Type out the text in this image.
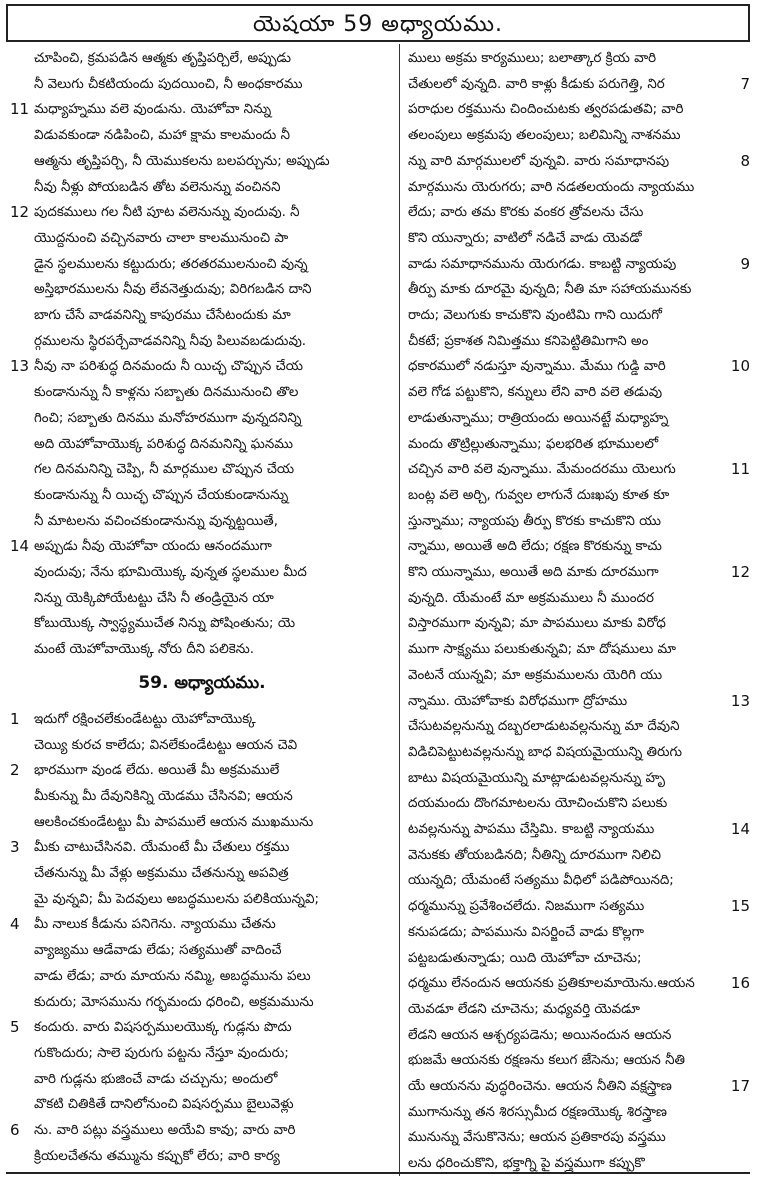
యెషయా 59 అధ్యాయము.
చూపించి, క్రమపడిన ఆత్మకు తృప్తిపర్చిలే, అప్పుడు
నీ వెలుగు చీకటియందు పుదయించి, నీ అంధకారము
11 మధ్యాహ్నము వలె వుండును. యెహోవా నిన్ను
విడువకుండా నడిపించి, మహా క్షామ కాలమందు నీ
ఆత్మను తృప్తిపర్చి, నీ యెముకలను బలపర్చును; అప్పుడు
నీవు నీళ్లు పోయబడిన తోట వలెనున్ను వంచినని
12 పుదకములు గల నీటి పూట వలెనున్ను వుందువు. నీ
యొద్దనుంచి వచ్చినవారు చాలా కాలమునుంచి పా
డైన స్థలములను కట్టుదురు; తరతరములనుంచి వున్న
అస్తిభారములను నీవు లేవనెత్తుదువు; విరిగబడిన దాని
బాగు చేసే వాడవనిన్ని కాపురము చేసేటందుకు మా
ర్గములను స్థిరపర్చేవాడవనిన్ని నీవు పిలువబడుదువు.
13 నీవు నా పరిశుద్ధ దినమందు నీ యిచ్ఛ చొప్పున చేయ
కుండానున్ను నీ కాళ్లను సబ్బాతు దినమునుంచి తొల
గించి; సబ్బాతు దినము మనోహరముగా వున్నదనిన్ని
అది యెహోవాయొక్క పరిశుద్ధ దినమనిన్ని ఘనము
గల దినమనిన్ని చెప్పి, నీ మార్గముల చొప్పున చేయ
కుండానున్ను నీ యిచ్ఛ చొప్పున చేయకుండానున్ను
నీ మాటలను వచించకుండానున్ను వున్నట్టయితే,
14 అప్పుడు నీవు యెహోవా యందు ఆనందముగా
వుందువు; నేను భూమియొక్క వున్నత స్థలముల మీద
నిన్ను యెక్కిపోయేటట్టు చేసి నీ తండ్రియైన యా
కోబుయొక్క స్వాస్థ్యముచేత నిన్ను పోషింతును; యె
మంటే యెహోవాయొక్క నోరు దీని పలికెను.
59. అధ్యాయము.
1 ఇదుగో రక్షించలేకుండేటట్టు యెహోవాయొక్క
చెయ్యి కురచ కాలేదు; వినలేకుండేటట్టు ఆయన చెవి
2 భారముగా వుండ లేదు. అయితే మీ అక్రమములే
మీకున్ను మీ దేవునికిన్ని యెడము చేసినవి; ఆయన
ఆలకించకుండేటట్టు మీ పాపములే ఆయన ముఖమును
3 మీకు చాటుచేసినవి. యేమంటే మీ చేతులు రక్తము
చేతనున్ను మీ వేళ్లు అక్రమము చేతనున్ను అపవిత్ర
మై వున్నవి; మీ పెదవులు అబద్ధములను పలికియున్నవి;
4 మీ నాలుక కీడును పనిగెను. న్యాయము చేతను
వ్యాజ్యము ఆడేవాడు లేడు; సత్యముతో వాదించే
వాడు లేడు; వారు మాయను నమ్మి, అబద్ధమును పలు
కుదురు; మోసమును గర్భమందు ధరించి, అక్రమమును
5 కందురు. వారు విషసర్పములయొక్క గుడ్లను పొదు
గుకొందురు; సాలె పురుగు పట్టను నేస్తూ వుందురు;
వారి గుడ్లను భుజించే వాడు చచ్చును; అందులో
వొకటి చితికితే దానిలోనుంచి విషసర్పము బైలువెళ్లు
6 ను. వారి పట్లు వస్త్రములు అయేవి కావు; వారు వారి
క్రియలచేతను తమ్మును కప్పుకో లేరు; వారి కార్య
ములు అక్రమ కార్యములు; బలాత్కార క్రియ వారి
7
చేతులలో వున్నది. వారి కాళ్లు కీడుకు పరుగెత్తి, నిర
పరాధుల రక్తమును చిందించుటకు త్వరపడుతవి; వారి
తలంపులు అక్రమపు తలంపులు; బలిమిన్ని నాశనము
8
న్ను వారి మార్గములలో వున్నవి. వారు సమాధానపు
మార్గమును యెరుగరు; వారి నడతలయందు న్యాయము
లేదు; వారు తమ కొరకు వంకర త్రోవలను చేసు
కొని యున్నారు; వాటిలో నడిచే వాడు యెవడో
9
వాడు సమాధానమును యెరుగడు. కాబట్టి న్యాయపు
తీర్పు మాకు దూరమై వున్నది; నీతి మా సహాయమునకు
రాదు; వెలుగుకు కాచుకొని వుంటిమి గాని యిదుగో
చీకటే; ప్రకాశత నిమిత్తము కనిపెట్టితిమిగాని అం
10
ధకారములో నడుస్తూ వున్నాము. మేము గుడ్డి వారి
వలె గోడ పట్టుకొని, కన్నులు లేని వారి వలె తడువు
లాడుతున్నాము; రాత్రియందు అయినట్టే మధ్యాహ్న
మందు తొట్రిల్లుతున్నాము; ఫలభరిత భూములలో
11
చచ్చిన వారి వలె వున్నాము. మేమందరము యెలుగు
బంట్ల వలె అర్చి, గువ్వల లాగునే దుఃఖపు కూత కూ
స్తున్నాము; న్యాయపు తీర్పు కొరకు కాచుకొని యు
న్నాము, అయితే అది లేదు; రక్షణ కొరకున్ను కాచు
12
కొని యున్నాము, అయితే అది మాకు దూరముగా
వున్నది. యేమంటే మా అక్రమములు నీ ముందర
విస్తారముగా వున్నవి; మా పాపములు మాకు విరోధ
ముగా సాక్ష్యము పలుకుతున్నవి; మా దోషములు మా
వెంటనే యున్నవి; మా అక్రమములను యెరిగి యు
13
న్నాము. యెహోవాకు విరోధముగా ద్రోహము
చేసుటవల్లనున్ను దబ్బరలాడుటవల్లనున్ను మా దేవుని
విడిచిపెట్టుటవల్లనున్ను బాధ విషయమైయున్ని తిరుగు
బాటు విషయమైయున్ని మాట్లాడుటవల్లనున్ను హృ
దయమందు దొంగమాటలను యోచించుకొని పలుకు
14
టవల్లనున్ను పాపము చేస్తిమి. కాబట్టి న్యాయము
వెనుకకు తోయబడినది; నీతిన్ని దూరముగా నిలిచి
యున్నది; యేమంటే సత్యము వీధిలో పడిపోయినది;
15
ధర్మమున్ను ప్రవేశించలేదు. నిజముగా సత్యము
కనుపడదు; పాపమును విసర్జించే వాడు కొల్లగా
పట్టబడుతున్నాడు; యిది యెహోవా చూచెను;
16
ధర్మము లేనందున ఆయనకు ప్రతికూలమాయెను.ఆయన
యెవడూ లేడని చూచెను; మధ్యవర్తి యెవడూ
లేడని ఆయన ఆశ్చర్యపడెను; అయినందున ఆయన
భుజమే ఆయనకు రక్షణను కలుగ జేసెను; ఆయన నీతి
17
యే ఆయనను వుద్ధరించెను. ఆయన నీతిని వక్షస్త్రాణ
ముగానున్ను తన శిరస్సుమీద రక్షణయొక్క శిరస్త్రాణ
మునున్ను వేసుకొనెను; ఆయన ప్రతికారపు వస్త్రము
లను ధరించుకొని, భక్తాగ్ని పై వస్త్రముగా కప్పుకొ
